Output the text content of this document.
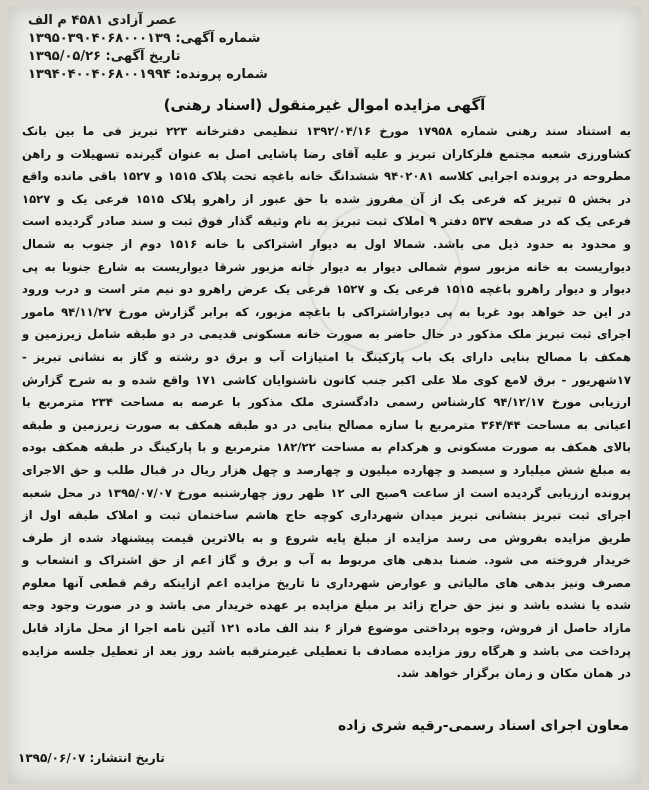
عصر آزادی ۴۵۸۱ م الف
شماره آگهی: ۱۳۹۵۰۳۹۰۴۰۶۸۰۰۰۱۳۹
تاریخ آگهی: ۱۳۹۵/۰۵/۲۶
شماره پرونده: ۱۳۹۴۰۴۰۰۴۰۶۸۰۰۱۹۹۴
آگهی مزایده اموال غیرمنقول (اسناد رهنی)
به استناد سند رهنی شماره ۱۷۹۵۸ مورخ ۱۳۹۲/۰۴/۱۶ تنظیمی دفترخانه ۲۲۳ تبریز فی ما بین بانک کشاورزی شعبه مجتمع فلزکاران تبریز و علیه آقای رضا پاشایی اصل به عنوان گیرنده تسهیلات و راهن مطروحه در پرونده اجرایی کلاسه ۹۴۰۲۰۸۱ ششدانگ خانه باغچه تحت پلاک ۱۵۱۵ و ۱۵۲۷ باقی مانده واقع در بخش ۵ تبریز که فرعی یک از آن مفروز شده با حق عبور از راهرو پلاک ۱۵۱۵ فرعی یک و ۱۵۲۷ فرعی یک که در صفحه ۵۳۷ دفتر ۹ املاک ثبت تبریز به نام وثیقه گذار فوق ثبت و سند صادر گردیده است و محدود به حدود ذیل می باشد. شمالا اول به دیوار اشتراکی با خانه ۱۵۱۶ دوم از جنوب به شمال دیواریست به خانه مزبور سوم شمالی دیوار به دیوار خانه مزبور شرقا دیواریست به شارع جنوبا به پی دیوار و دیوار راهرو باغچه ۱۵۱۵ فرعی یک و ۱۵۲۷ فرعی یک عرض راهرو دو نیم متر است و درب ورود در این حد خواهد بود غربا به پی دیواراشتراکی با باغچه مزبور، که برابر گزارش مورخ ۹۴/۱۱/۲۷ مامور اجرای ثبت تبریز ملک مذکور در حال حاضر به صورت خانه مسکونی قدیمی در دو طبقه شامل زیرزمین و همکف با مصالح بنایی دارای یک باب پارکینگ با امتیازات آب و برق دو رشته و گاز به نشانی تبریز - ۱۷شهریور - برق لامع کوی ملا علی اکبر جنب کانون ناشنوایان کاشی ۱۷۱ واقع شده و به شرح گزارش ارزیابی مورخ ۹۴/۱۲/۱۷ کارشناس رسمی دادگستری ملک مذکور با عرصه به مساحت ۲۳۴ مترمربع با اعیانی به مساحت ۳۶۴/۴۴ مترمربع با سازه مصالح بنایی در دو طبقه همکف به صورت زیرزمین و طبقه بالای همکف به صورت مسکونی و هرکدام به مساحت ۱۸۲/۲۲ مترمربع و با پارکینگ در طبقه همکف بوده به مبلغ شش میلیارد و سیصد و چهارده میلیون و چهارصد و چهل هزار ریال در قبال طلب و حق الاجرای پرونده ارزیابی گردیده است از ساعت ۹صبح الی ۱۲ ظهر روز چهارشنبه مورخ ۱۳۹۵/۰۷/۰۷ در محل شعبه اجرای ثبت تبریز بنشانی تبریز میدان شهرداری کوچه حاج هاشم ساختمان ثبت و املاک طبقه اول از طریق مزایده بفروش می رسد مزایده از مبلغ پایه شروع و به بالاترین قیمت پیشنهاد شده از طرف خریدار فروخته می شود. ضمنا بدهی های مربوط به آب و برق و گاز اعم از حق اشتراک و انشعاب و مصرف ونیز بدهی های مالیاتی و عوارض شهرداری تا تاریخ مزایده اعم ازاینکه رقم قطعی آنها معلوم شده یا نشده باشد و نیز حق حراج زائد بر مبلغ مزایده بر عهده خریدار می باشد و در صورت وجود وجه مازاد حاصل از فروش، وجوه پرداختی موضوع فراز ۶ بند الف ماده ۱۲۱ آئین نامه اجرا از محل مازاد قابل پرداخت می باشد و هرگاه روز مزایده مصادف با تعطیلی غیرمترقبه باشد روز بعد از تعطیل جلسه مزایده در همان مکان و زمان برگزار خواهد شد.
معاون اجرای اسناد رسمی-رقیه شری زاده
تاریخ انتشار: ۱۳۹۵/۰۶/۰۷
